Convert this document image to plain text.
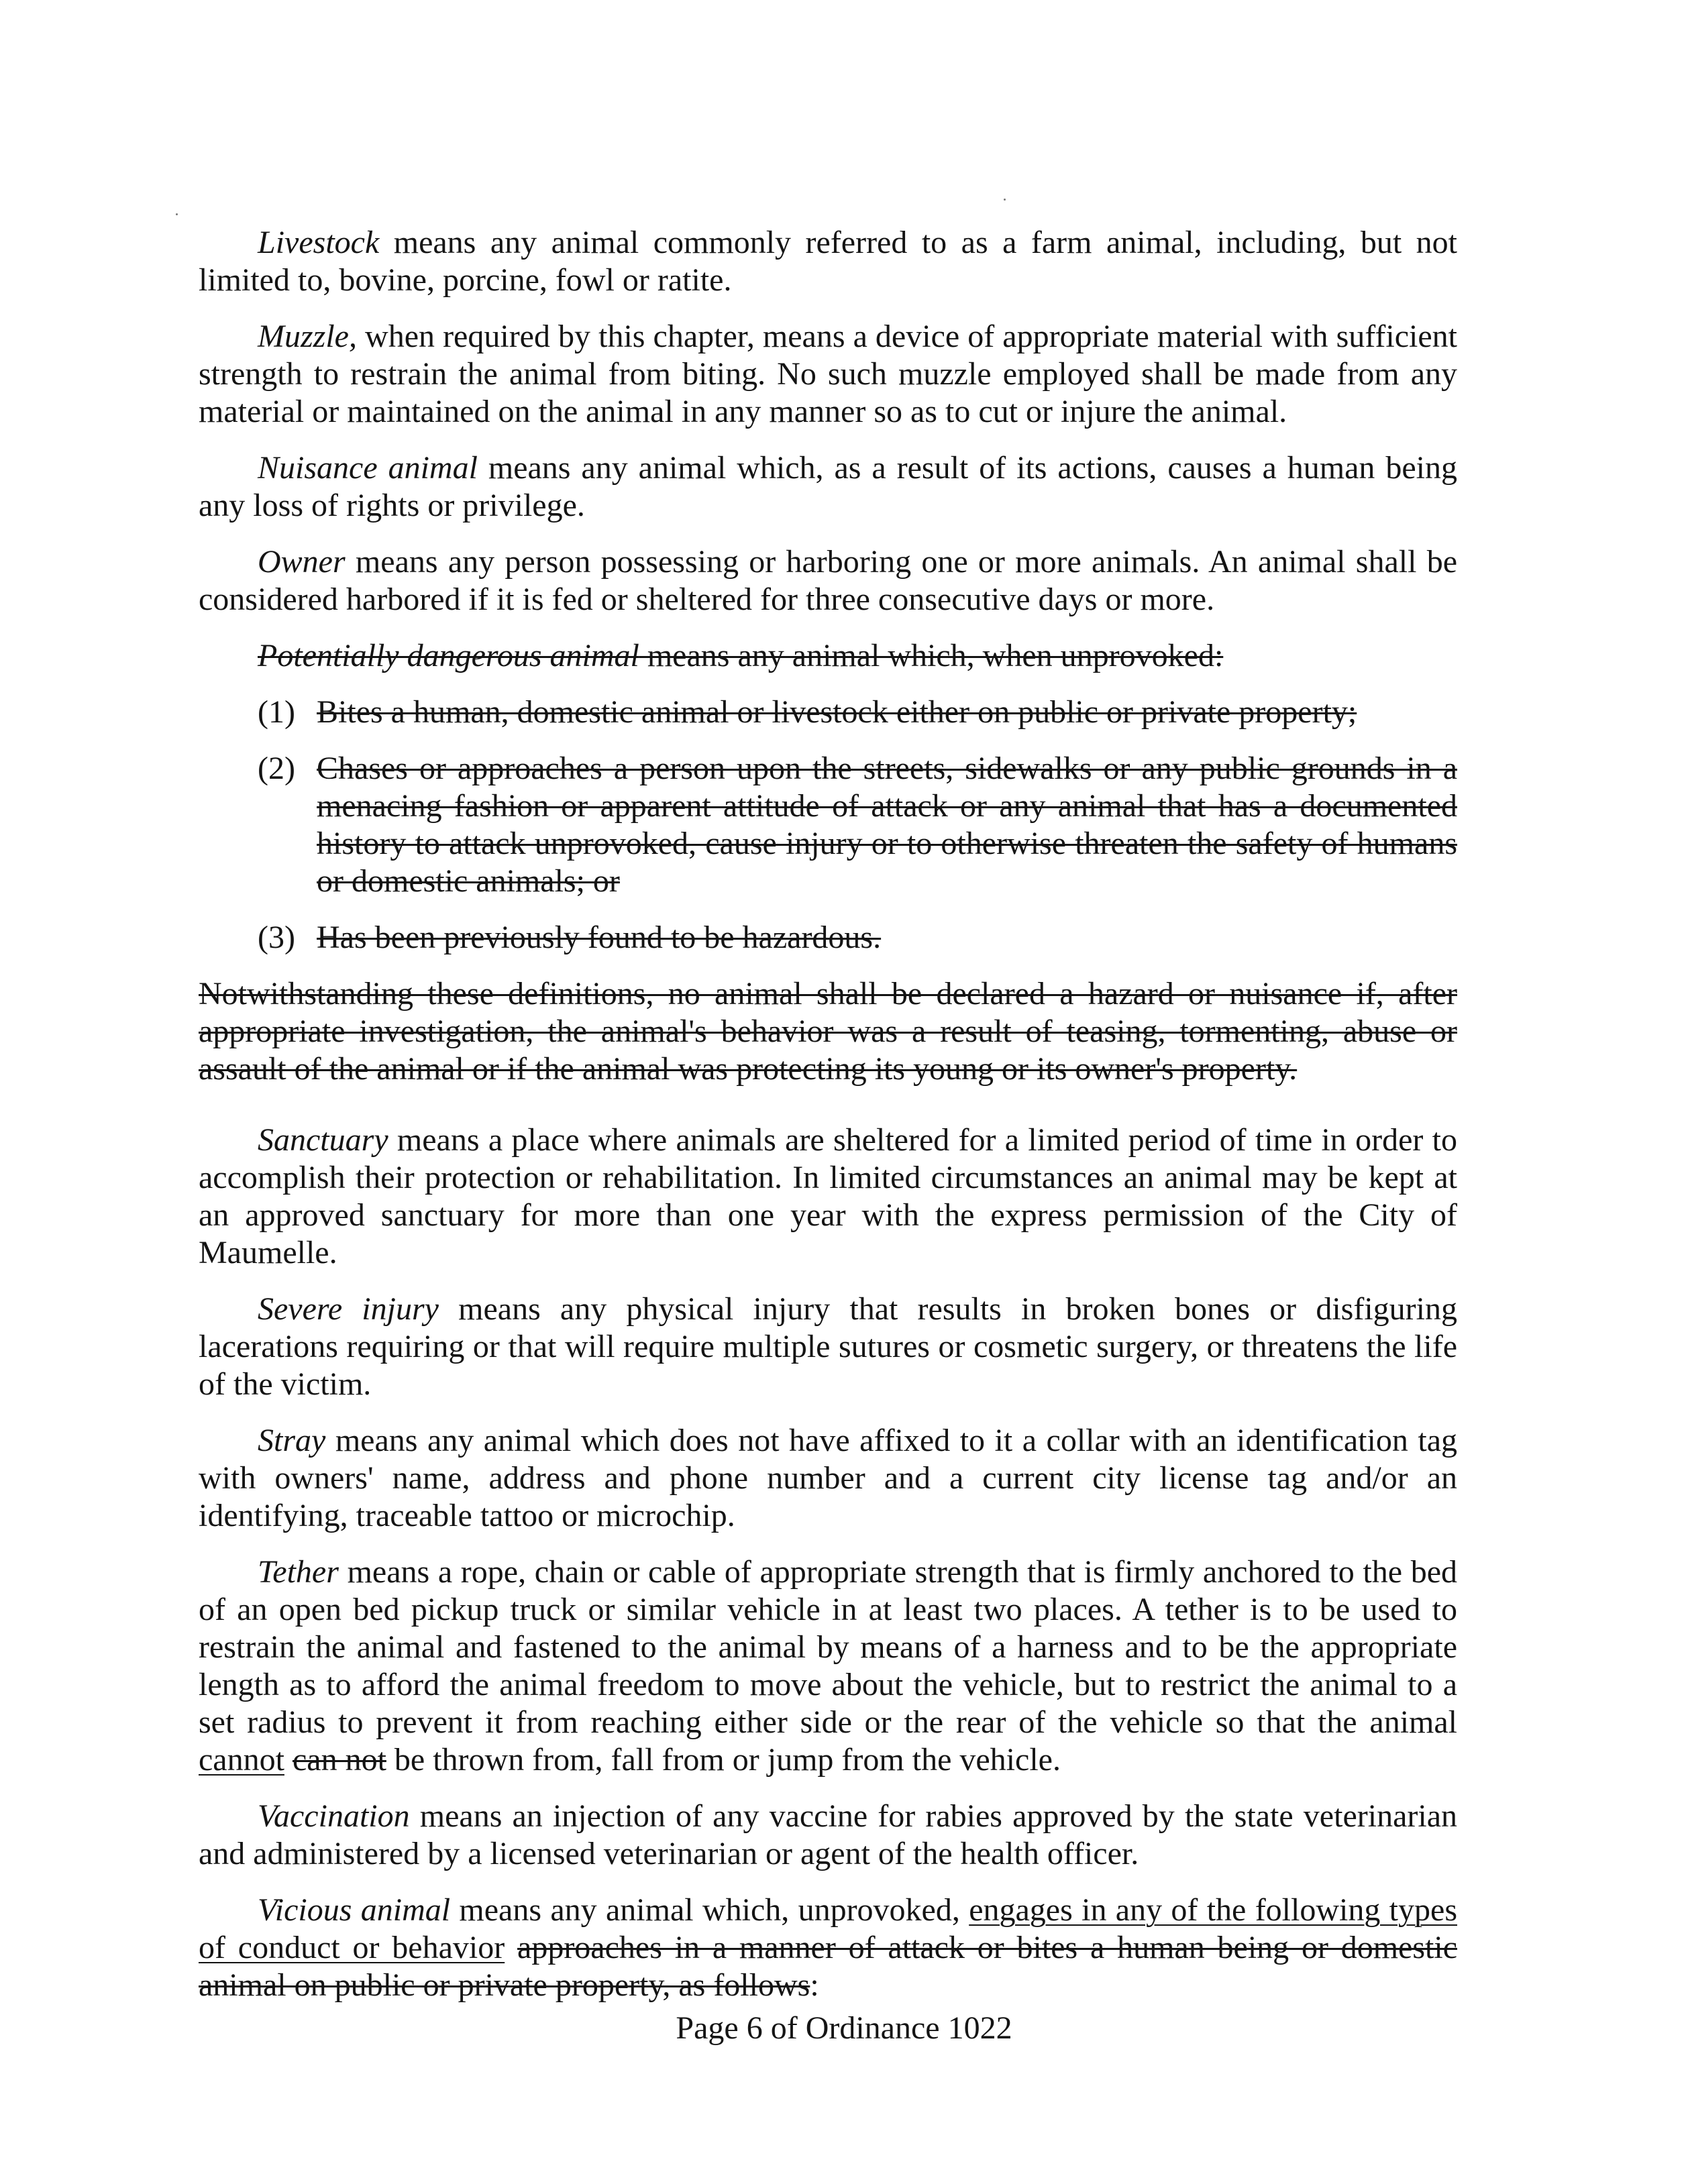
Livestock means any animal commonly referred to as a farm animal, including, but not limited to, bovine, porcine, fowl or ratite.

Muzzle, when required by this chapter, means a device of appropriate material with sufficient strength to restrain the animal from biting. No such muzzle employed shall be made from any material or maintained on the animal in any manner so as to cut or injure the animal.

Nuisance animal means any animal which, as a result of its actions, causes a human being any loss of rights or privilege.

Owner means any person possessing or harboring one or more animals. An animal shall be considered harbored if it is fed or sheltered for three consecutive days or more.

Potentially dangerous animal means any animal which, when unprovoked:

(1) Bites a human, domestic animal or livestock either on public or private property;
(2) Chases or approaches a person upon the streets, sidewalks or any public grounds in a menacing fashion or apparent attitude of attack or any animal that has a documented history to attack unprovoked, cause injury or to otherwise threaten the safety of humans or domestic animals; or
(3) Has been previously found to be hazardous.

Notwithstanding these definitions, no animal shall be declared a hazard or nuisance if, after appropriate investigation, the animal's behavior was a result of teasing, tormenting, abuse or assault of the animal or if the animal was protecting its young or its owner's property.

Sanctuary means a place where animals are sheltered for a limited period of time in order to accomplish their protection or rehabilitation. In limited circumstances an animal may be kept at an approved sanctuary for more than one year with the express permission of the City of Maumelle.

Severe injury means any physical injury that results in broken bones or disfiguring lacerations requiring or that will require multiple sutures or cosmetic surgery, or threatens the life of the victim.

Stray means any animal which does not have affixed to it a collar with an identification tag with owners' name, address and phone number and a current city license tag and/or an identifying, traceable tattoo or microchip.

Tether means a rope, chain or cable of appropriate strength that is firmly anchored to the bed of an open bed pickup truck or similar vehicle in at least two places. A tether is to be used to restrain the animal and fastened to the animal by means of a harness and to be the appropriate length as to afford the animal freedom to move about the vehicle, but to restrict the animal to a set radius to prevent it from reaching either side or the rear of the vehicle so that the animal cannot can not be thrown from, fall from or jump from the vehicle.

Vaccination means an injection of any vaccine for rabies approved by the state veterinarian and administered by a licensed veterinarian or agent of the health officer.

Vicious animal means any animal which, unprovoked, engages in any of the following types of conduct or behavior approaches in a manner of attack or bites a human being or domestic animal on public or private property, as follows:

Page 6 of Ordinance 1022
